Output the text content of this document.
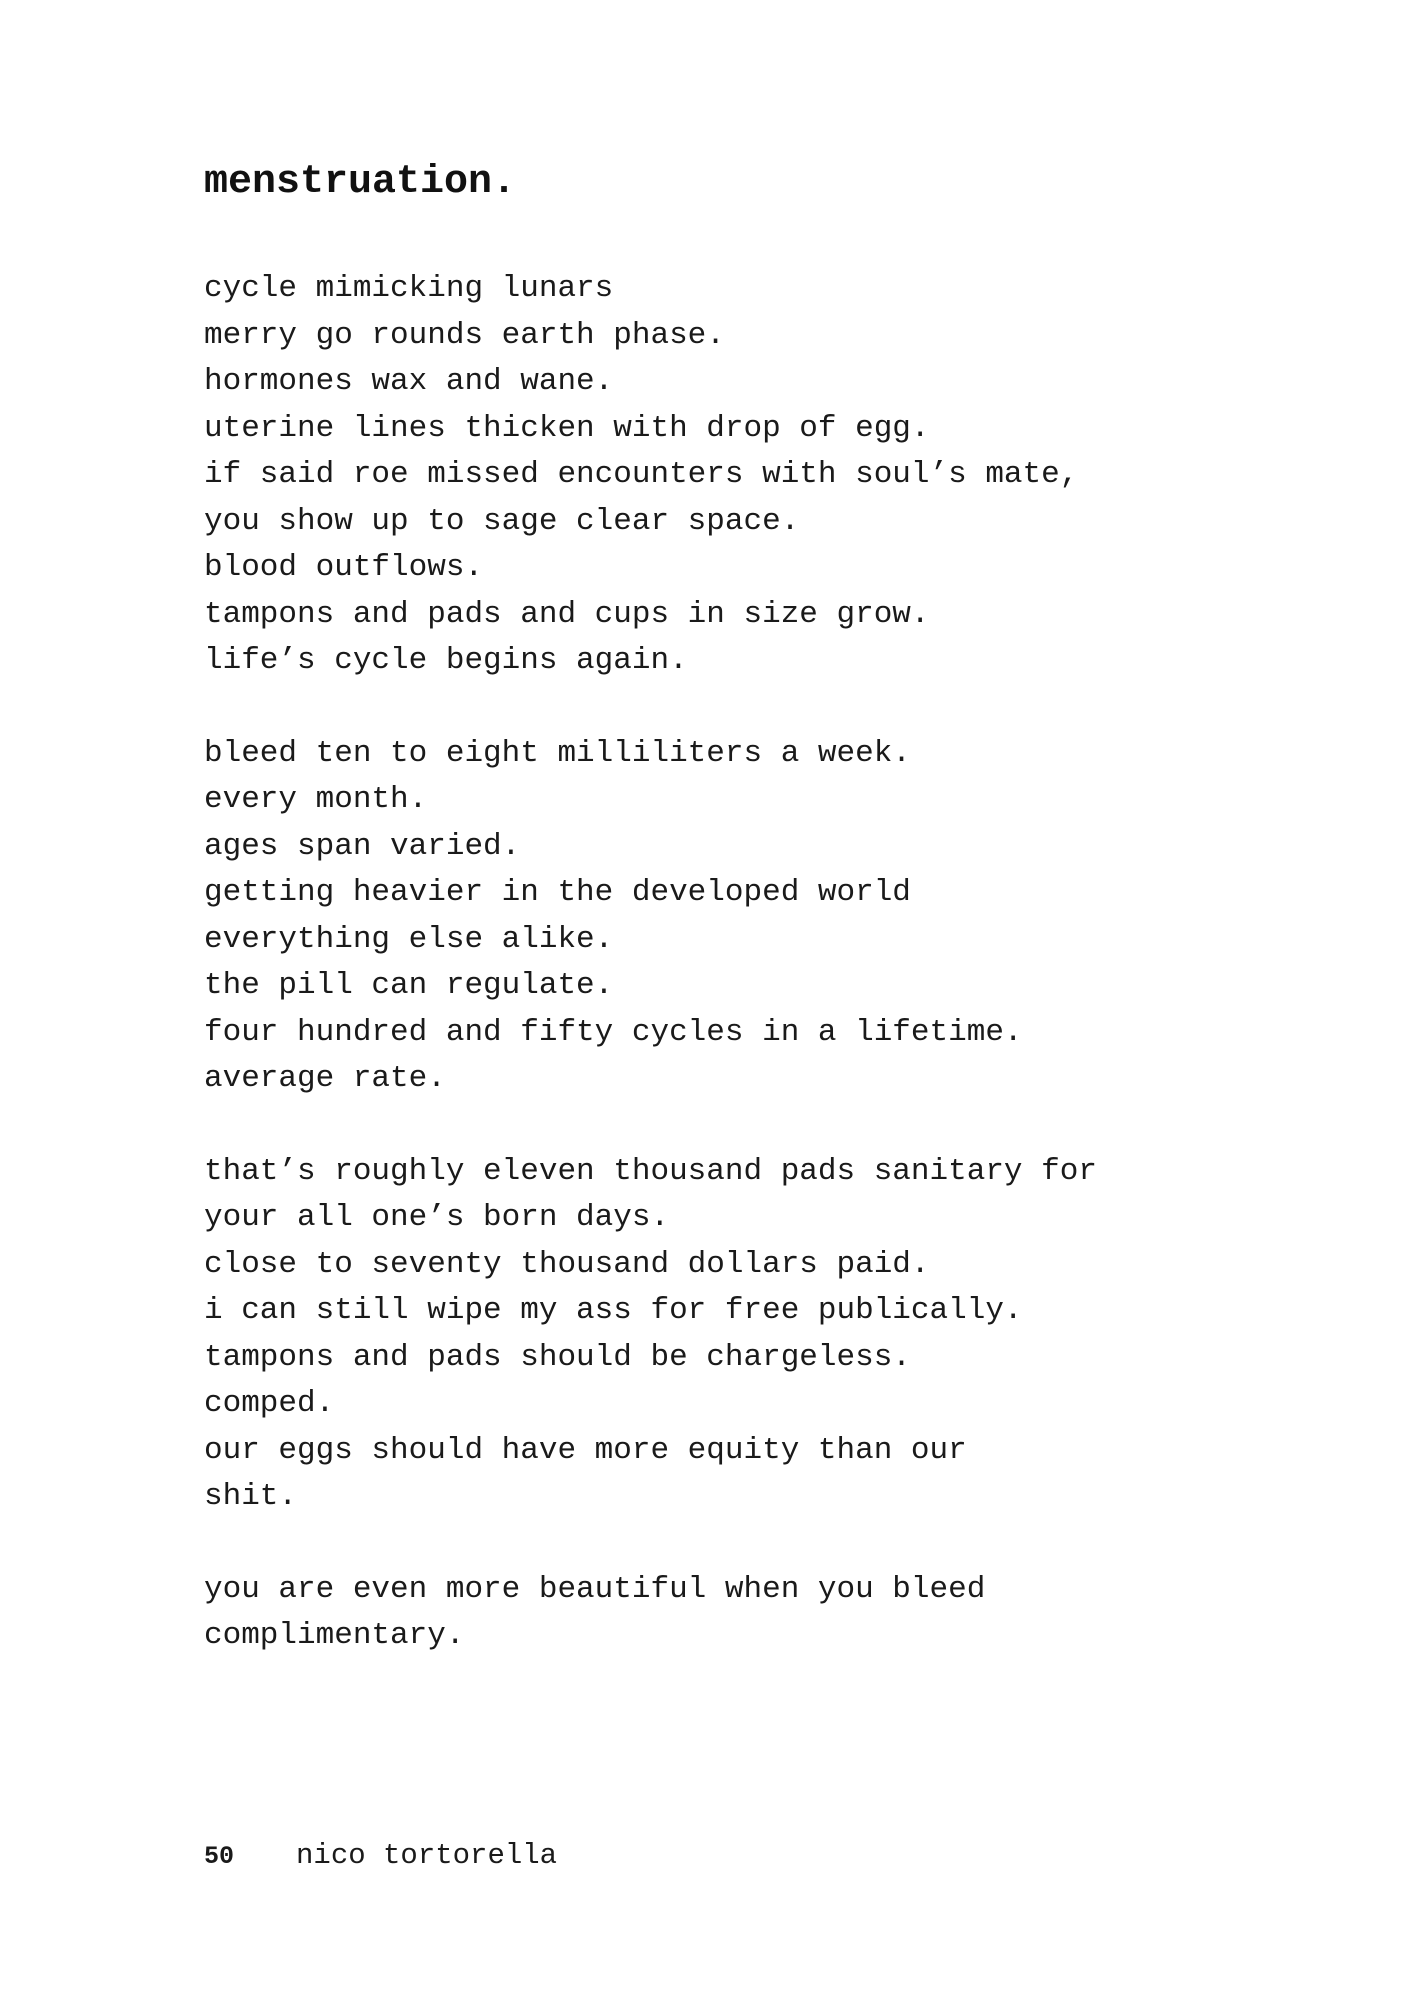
menstruation.
cycle mimicking lunars
merry go rounds earth phase.
hormones wax and wane.
uterine lines thicken with drop of egg.
if said roe missed encounters with soul’s mate,
you show up to sage clear space.
blood outflows.
tampons and pads and cups in size grow.
life’s cycle begins again.
bleed ten to eight milliliters a week.
every month.
ages span varied.
getting heavier in the developed world
everything else alike.
the pill can regulate.
four hundred and fifty cycles in a lifetime.
average rate.
that’s roughly eleven thousand pads sanitary for
your all one’s born days.
close to seventy thousand dollars paid.
i can still wipe my ass for free publically.
tampons and pads should be chargeless.
comped.
our eggs should have more equity than our
shit.
you are even more beautiful when you bleed
complimentary.
50 nico tortorella
